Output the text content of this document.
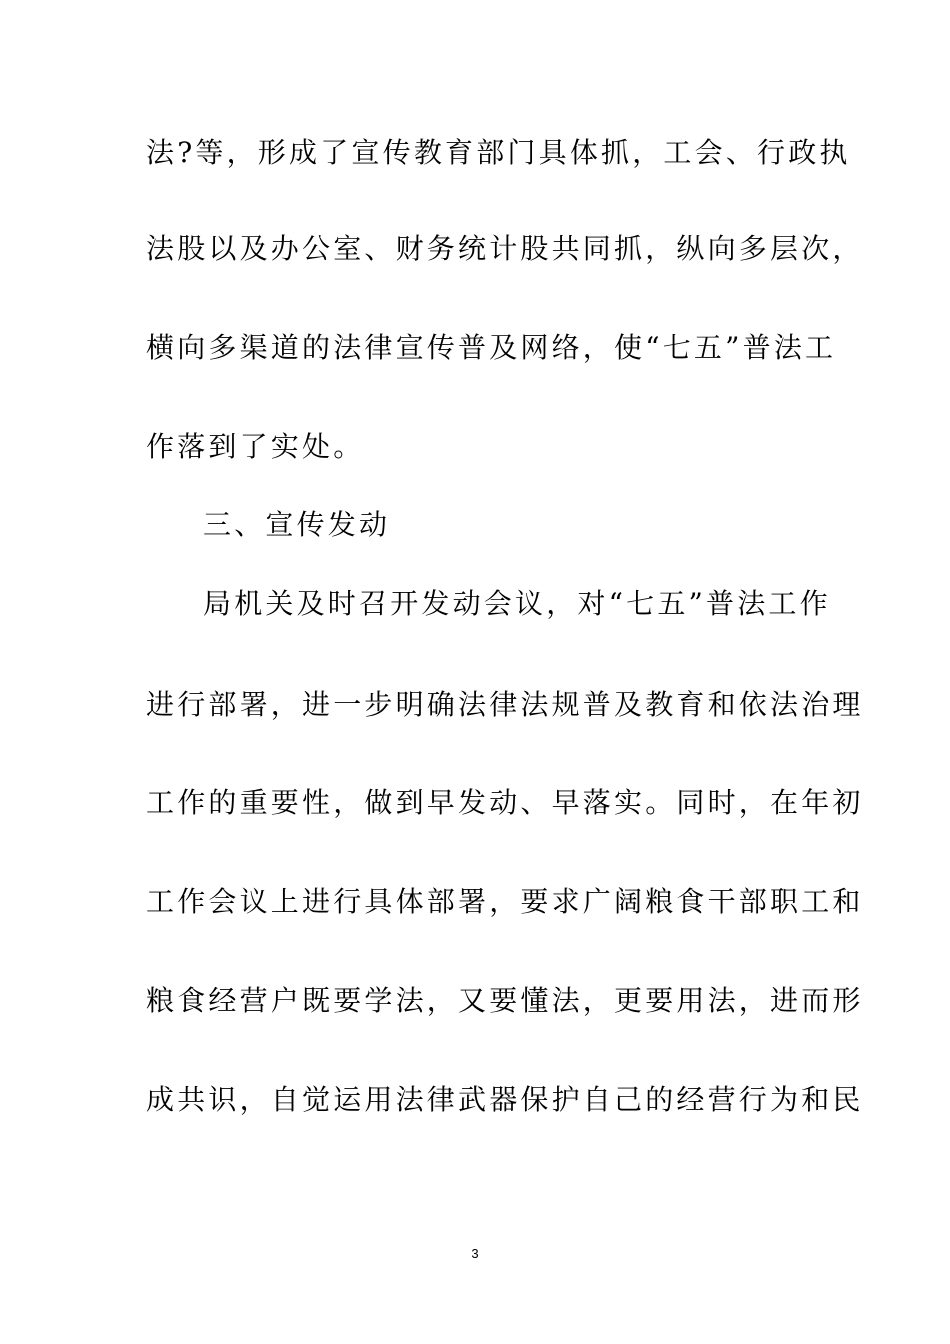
法?等，形成了宣传教育部门具体抓，工会、行政执
法股以及办公室、财务统计股共同抓，纵向多层次，
横向多渠道的法律宣传普及网络，使“七五”普法工
作落到了实处。
三、宣传发动
局机关及时召开发动会议，对“七五”普法工作
进行部署，进一步明确法律法规普及教育和依法治理
工作的重要性，做到早发动、早落实。同时，在年初
工作会议上进行具体部署，要求广阔粮食干部职工和
粮食经营户既要学法，又要懂法，更要用法，进而形
成共识，自觉运用法律武器保护自己的经营行为和民
3
